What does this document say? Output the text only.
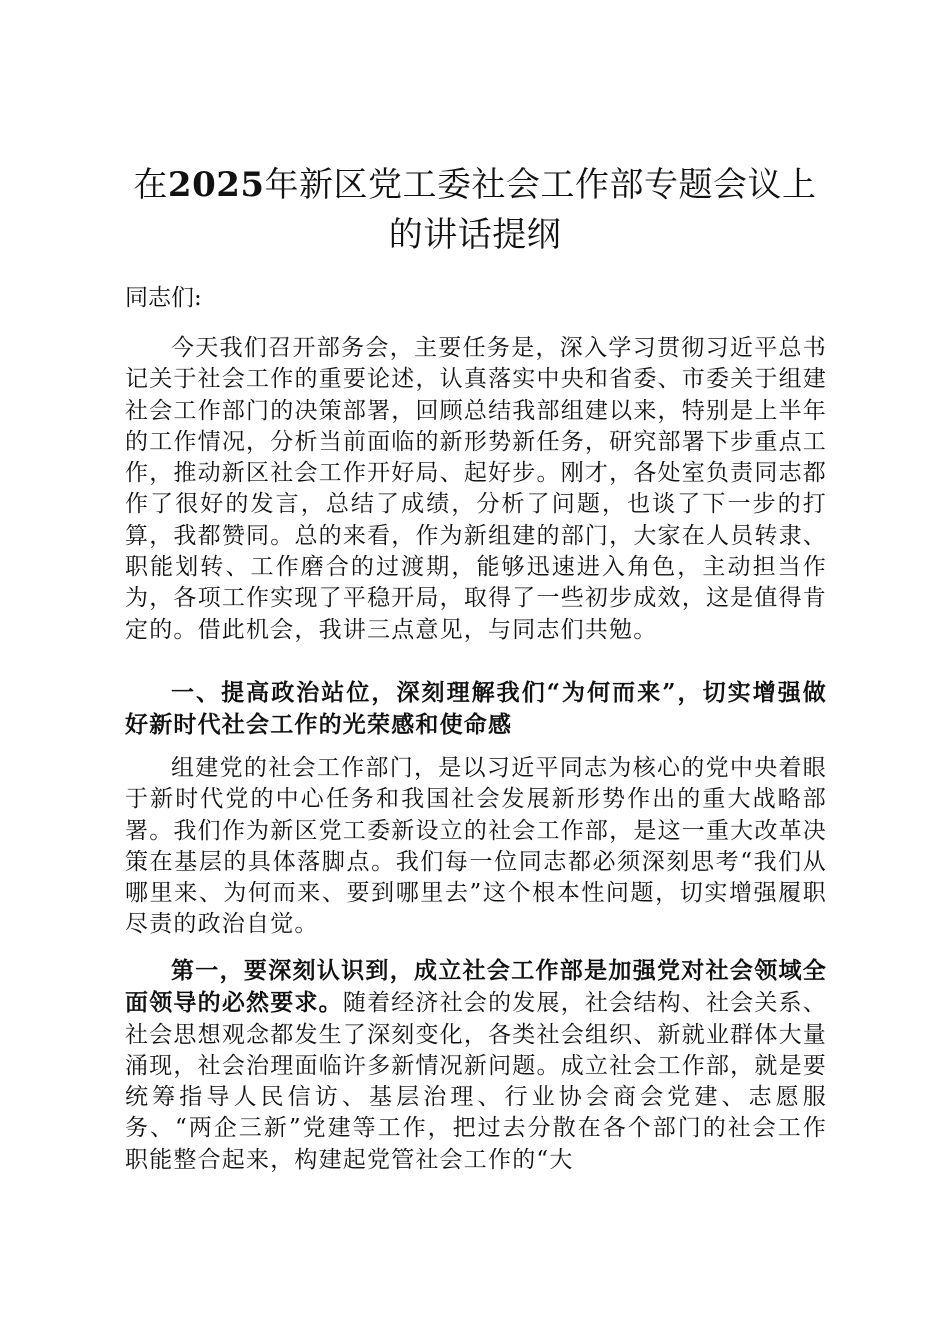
在2025年新区党工委社会工作部专题会议上的讲话提纲
同志们:
今天我们召开部务会，主要任务是，深入学习贯彻习近平总书记关于社会工作的重要论述，认真落实中央和省委、市委关于组建社会工作部门的决策部署，回顾总结我部组建以来，特别是上半年的工作情况，分析当前面临的新形势新任务，研究部署下步重点工作，推动新区社会工作开好局、起好步。刚才，各处室负责同志都作了很好的发言，总结了成绩，分析了问题，也谈了下一步的打算，我都赞同。总的来看，作为新组建的部门，大家在人员转隶、职能划转、工作磨合的过渡期，能够迅速进入角色，主动担当作为，各项工作实现了平稳开局，取得了一些初步成效，这是值得肯定的。借此机会，我讲三点意见，与同志们共勉。
一、提高政治站位，深刻理解我们“为何而来”，切实增强做好新时代社会工作的光荣感和使命感
组建党的社会工作部门，是以习近平同志为核心的党中央着眼于新时代党的中心任务和我国社会发展新形势作出的重大战略部署。我们作为新区党工委新设立的社会工作部，是这一重大改革决策在基层的具体落脚点。我们每一位同志都必须深刻思考“我们从哪里来、为何而来、要到哪里去”这个根本性问题，切实增强履职尽责的政治自觉。
第一，要深刻认识到，成立社会工作部是加强党对社会领域全面领导的必然要求。随着经济社会的发展，社会结构、社会关系、社会思想观念都发生了深刻变化，各类社会组织、新就业群体大量涌现，社会治理面临许多新情况新问题。成立社会工作部，就是要统筹指导人民信访、基层治理、行业协会商会党建、志愿服务、“两企三新”党建等工作，把过去分散在各个部门的社会工作职能整合起来，构建起党管社会工作的“大
